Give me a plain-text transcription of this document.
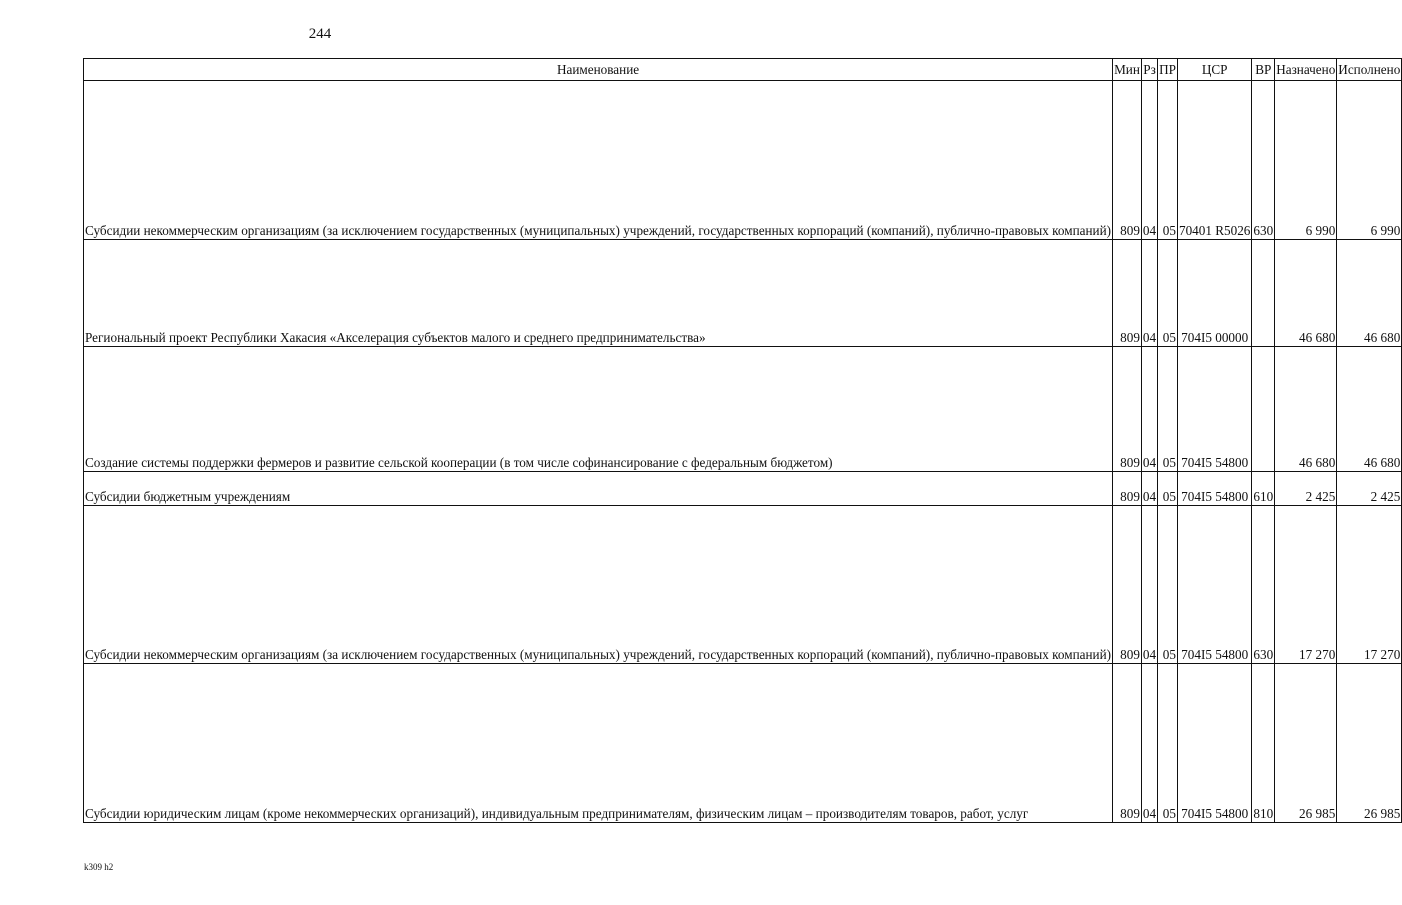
244
Наименование	Мин	Рз	ПР	ЦСР	ВР	Назначено	Исполнено
Субсидии некоммерческим организациям (за исключением государственных (муниципальных) учреждений, государственных корпораций (компаний), публично-правовых компаний)	809	04	05	70401 R5026	630	6 990	6 990
Региональный проект Республики Хакасия «Акселерация субъектов малого и среднего предпринимательства»	809	04	05	704I5 00000		46 680	46 680
Создание системы поддержки фермеров и развитие сельской кооперации (в том числе софинансирование с федеральным бюджетом)	809	04	05	704I5 54800		46 680	46 680
Субсидии бюджетным учреждениям	809	04	05	704I5 54800	610	2 425	2 425
Субсидии некоммерческим организациям (за исключением государственных (муниципальных) учреждений, государственных корпораций (компаний), публично-правовых компаний)	809	04	05	704I5 54800	630	17 270	17 270
Субсидии юридическим лицам (кроме некоммерческих организаций), индивидуальным предпринимателям, физическим лицам – производителям товаров, работ, услуг	809	04	05	704I5 54800	810	26 985	26 985
k309 h2
